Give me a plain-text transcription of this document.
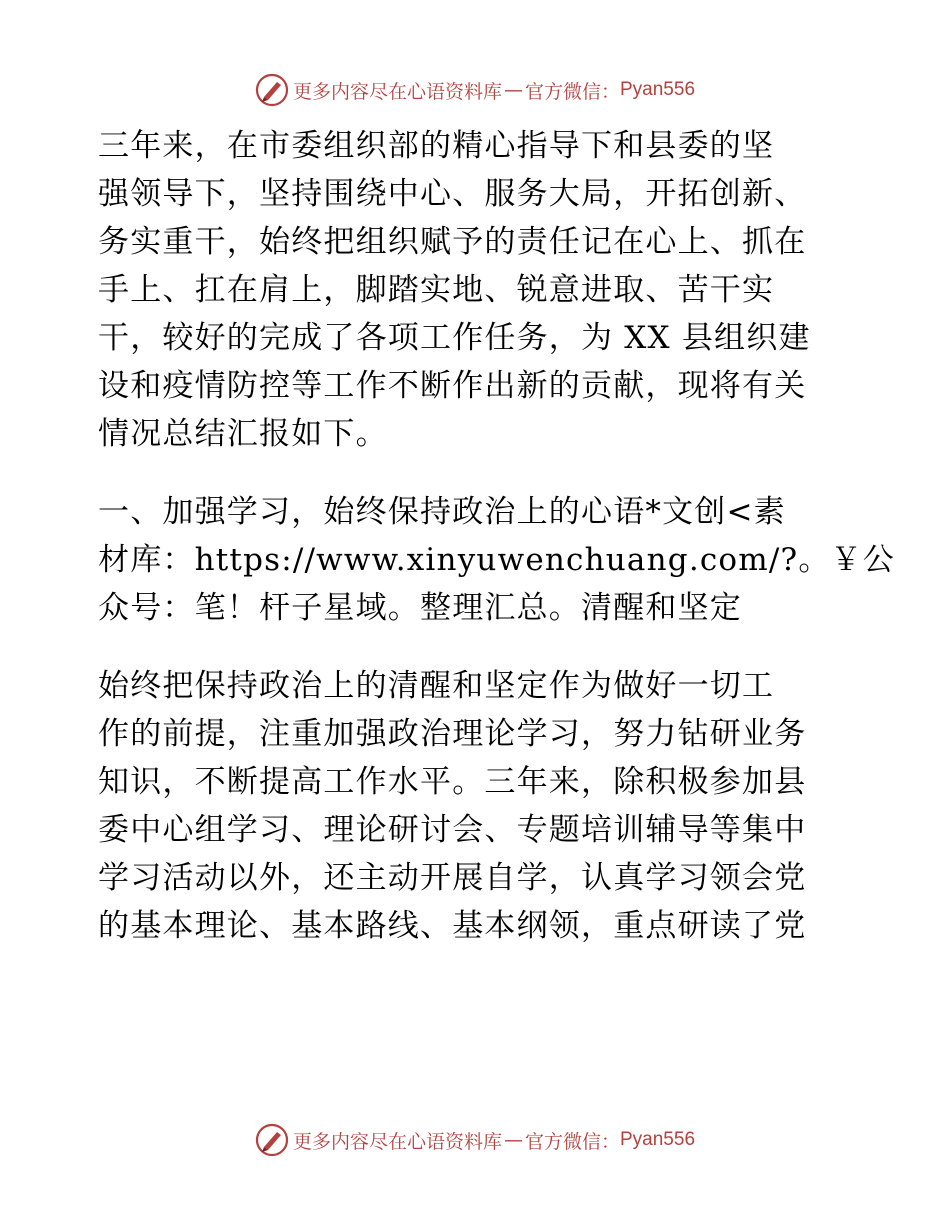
更多内容尽在心语资料库 — 官方微信： Pyan556

三年来，在市委组织部的精心指导下和县委的坚
强领导下，坚持围绕中心、服务大局，开拓创新、
务实重干，始终把组织赋予的责任记在心上、抓在
手上、扛在肩上，脚踏实地、锐意进取、苦干实
干，较好的完成了各项工作任务，为 XX 县组织建
设和疫情防控等工作不断作出新的贡献，现将有关
情况总结汇报如下。

一、加强学习，始终保持政治上的心语*文创<素
材库：https://www.xinyuwenchuang.com/?。￥公
众号：笔！杆子星域。整理汇总。清醒和坚定

始终把保持政治上的清醒和坚定作为做好一切工
作的前提，注重加强政治理论学习，努力钻研业务
知识，不断提高工作水平。三年来，除积极参加县
委中心组学习、理论研讨会、专题培训辅导等集中
学习活动以外，还主动开展自学，认真学习领会党
的基本理论、基本路线、基本纲领，重点研读了党

更多内容尽在心语资料库 — 官方微信： Pyan556
